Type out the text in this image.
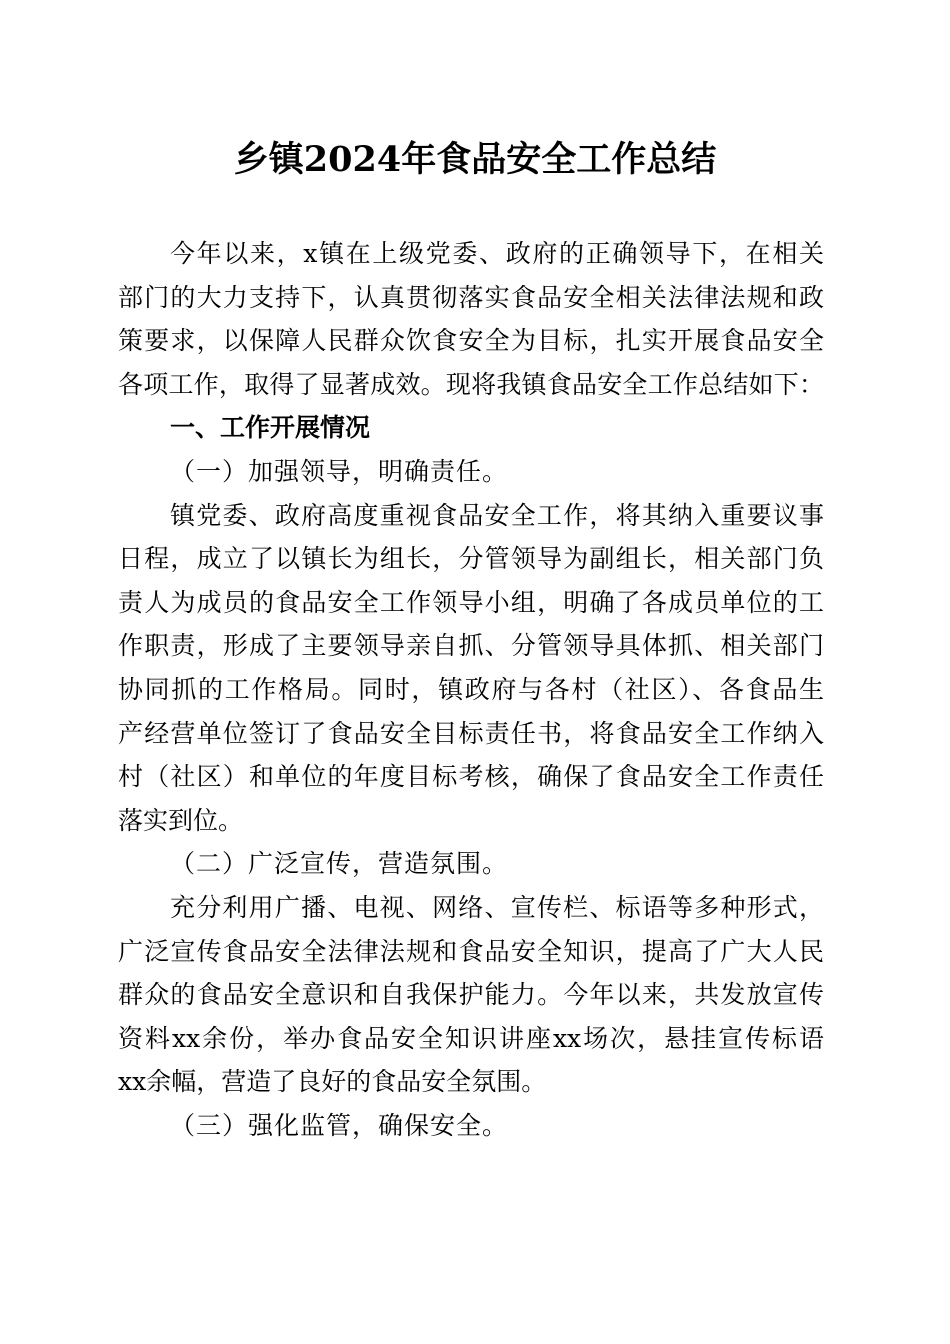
乡镇2024年食品安全工作总结
今年以来，x镇在上级党委、政府的正确领导下，在相关
部门的大力支持下，认真贯彻落实食品安全相关法律法规和政
策要求，以保障人民群众饮食安全为目标，扎实开展食品安全
各项工作，取得了显著成效。现将我镇食品安全工作总结如下：
一、工作开展情况
（一）加强领导，明确责任。
镇党委、政府高度重视食品安全工作，将其纳入重要议事
日程，成立了以镇长为组长，分管领导为副组长，相关部门负
责人为成员的食品安全工作领导小组，明确了各成员单位的工
作职责，形成了主要领导亲自抓、分管领导具体抓、相关部门
协同抓的工作格局。同时，镇政府与各村（社区）、各食品生
产经营单位签订了食品安全目标责任书，将食品安全工作纳入
村（社区）和单位的年度目标考核，确保了食品安全工作责任
落实到位。
（二）广泛宣传，营造氛围。
充分利用广播、电视、网络、宣传栏、标语等多种形式，
广泛宣传食品安全法律法规和食品安全知识，提高了广大人民
群众的食品安全意识和自我保护能力。今年以来，共发放宣传
资料xx余份，举办食品安全知识讲座xx场次，悬挂宣传标语
xx余幅，营造了良好的食品安全氛围。
（三）强化监管，确保安全。
